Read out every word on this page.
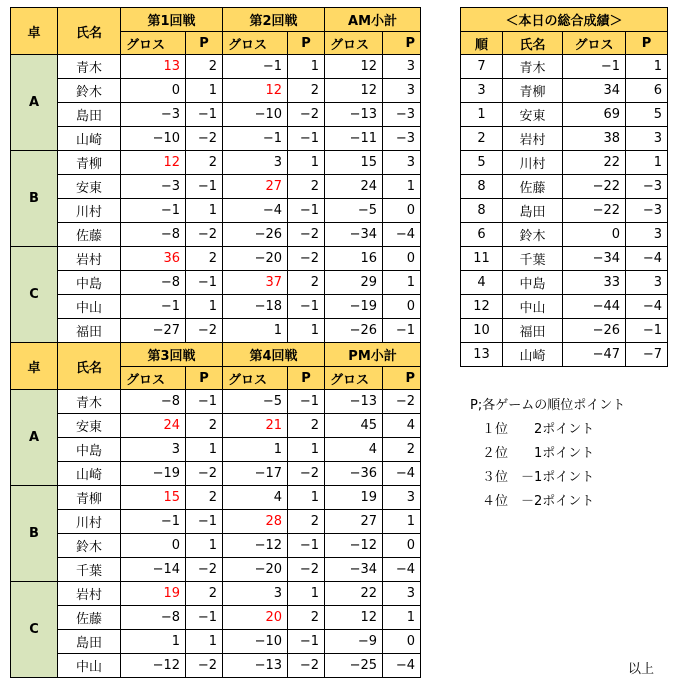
卓	氏名	第1回戦		第2回戦		AM小計	
		グロス	P	グロス	P	グロス	P
A	青木	13	2	−1	1	12	3
	鈴木	0	1	12	2	12	3
	島田	−3	−1	−10	−2	−13	−3
	山崎	−10	−2	−1	−1	−11	−3
B	青柳	12	2	3	1	15	3
	安東	−3	−1	27	2	24	1
	川村	−1	1	−4	−1	−5	0
	佐藤	−8	−2	−26	−2	−34	−4
C	岩村	36	2	−20	−2	16	0
	中島	−8	−1	37	2	29	1
	中山	−1	1	−18	−1	−19	0
	福田	−27	−2	1	1	−26	−1
卓	氏名	第3回戦		第4回戦		PM小計	
		グロス	P	グロス	P	グロス	P
A	青木	−8	−1	−5	−1	−13	−2
	安東	24	2	21	2	45	4
	中島	3	1	1	1	4	2
	山崎	−19	−2	−17	−2	−36	−4
B	青柳	15	2	4	1	19	3
	川村	−1	−1	28	2	27	1
	鈴木	0	1	−12	−1	−12	0
	千葉	−14	−2	−20	−2	−34	−4
C	岩村	19	2	3	1	22	3
	佐藤	−8	−1	20	2	12	1
	島田	1	1	−10	−1	−9	0
	中山	−12	−2	−13	−2	−25	−4
＜本日の総合成績＞			
順	氏名	グロス	P
7	青木	−1	1
3	青柳	34	6
1	安東	69	5
2	岩村	38	3
5	川村	22	1
8	佐藤	−22	−3
8	島田	−22	−3
6	鈴木	0	3
11	千葉	−34	−4
4	中島	33	3
12	中山	−44	−4
10	福田	−26	−1
13	山崎	−47	−7
P;各ゲームの順位ポイント
１位　　2ポイント
２位　　1ポイント
３位　－1ポイント
４位　－2ポイント
以上
